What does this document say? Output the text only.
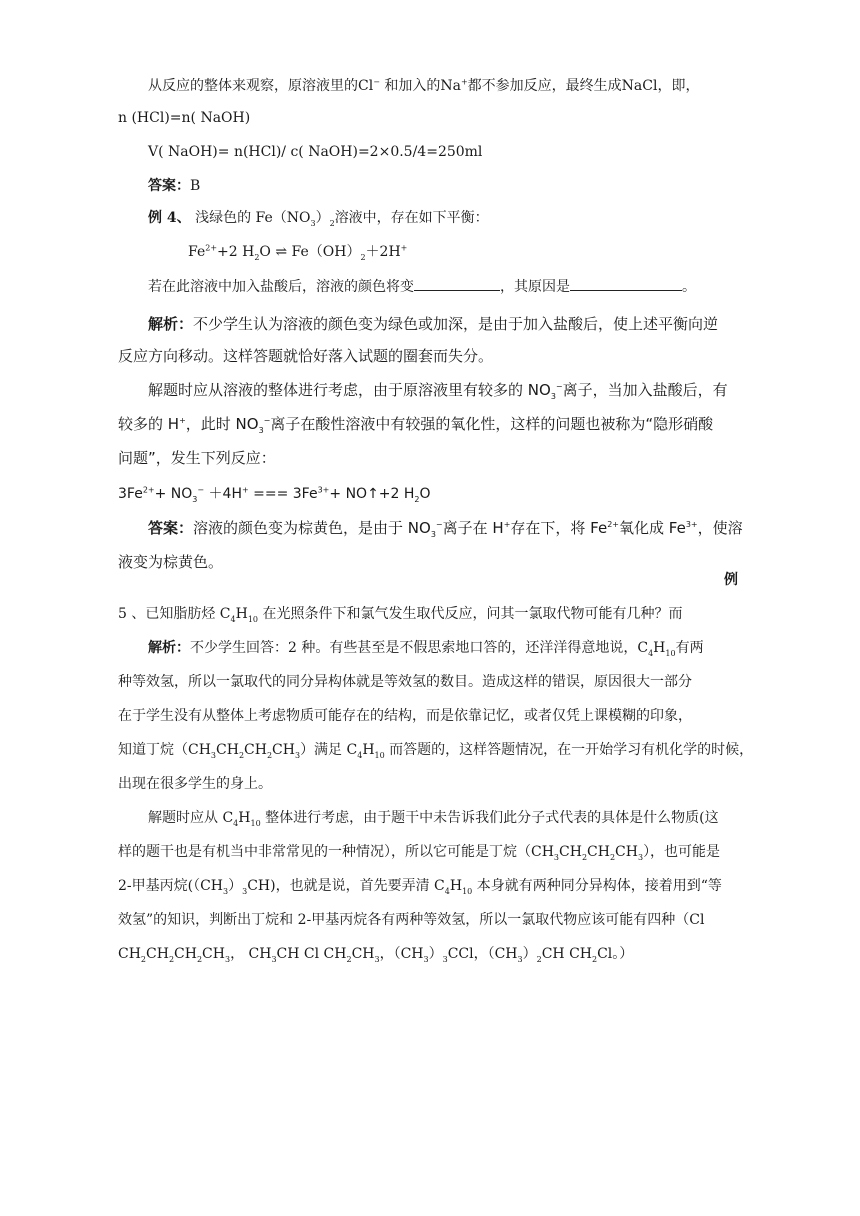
从反应的整体来观察，原溶液里的Cl− 和加入的Na+都不参加反应，最终生成NaCl，即，
n (HCl)=n( NaOH)
V( NaOH)= n(HCl)/ c( NaOH)=2×0.5/4=250ml
答案：B
例 4、 浅绿色的 $Fe(NO_3)_2$溶液中，存在如下平衡：
$Fe^{2+}+2$ $H_2O$ ⇌ $Fe(OH)_2+2H^+$
若在此溶液中加入盐酸后，溶液的颜色将变	，其原因是	。
解析：不少学生认为溶液的颜色变为绿色或加深，是由于加入盐酸后，使上述平衡向逆
反应方向移动。这样答题就恰好落入试题的圈套而失分。
解题时应从溶液的整体进行考虑，由于原溶液里有较多的 $NO_3^-$离子，当加入盐酸后，有
较多的 H+，此时 $NO_3^-$离子在酸性溶液中有较强的氧化性，这样的问题也被称为“隐形硝酸
问题”，发生下列反应：
$3Fe^{2+}+ NO_3^- +4H^+$ === $3Fe^{3+}+$ NO↑+2 $H_2O$
答案：溶液的颜色变为棕黄色，是由于 $NO_3^-$离子在 H+存在下，将 $Fe^{2+}$氧化成 $Fe^{3+}$，使溶
液变为棕黄色。
例
5 、已知脂肪烃 $C_4H_{10}$ 在光照条件下和氯气发生取代反应，问其一氯取代物可能有几种？而
解析：不少学生回答：2 种。有些甚至是不假思索地口答的，还洋洋得意地说，$C_4H_{10}$有两
种等效氢，所以一氯取代的同分异构体就是等效氢的数目。造成这样的错误，原因很大一部分
在于学生没有从整体上考虑物质可能存在的结构，而是依靠记忆，或者仅凭上课模糊的印象，
知道丁烷$(CH_3CH_2CH_2CH_3)$满足 $C_4H_{10}$ 而答题的，这样答题情况，在一开始学习有机化学的时候，
出现在很多学生的身上。
解题时应从 $C_4H_{10}$ 整体进行考虑，由于题干中未告诉我们此分子式代表的具体是什么物质(这
样的题干也是有机当中非常常见的一种情况），所以它可能是丁烷$(CH_3CH_2CH_2CH_3)$，也可能是
2-甲基丙烷$((CH_3)_3CH)$，也就是说，首先要弄清 $C_4H_{10}$ 本身就有两种同分异构体，接着用到“等
效氢”的知识，判断出丁烷和 2-甲基丙烷各有两种等效氢，所以一氯取代物应该可能有四种（Cl
$CH_2CH_2CH_2CH_3$， $CH_3CH$ Cl $CH_2CH_3$，$(CH_3)_3CCl$，$(CH_3)_2CH$ $CH_2Cl$。）
